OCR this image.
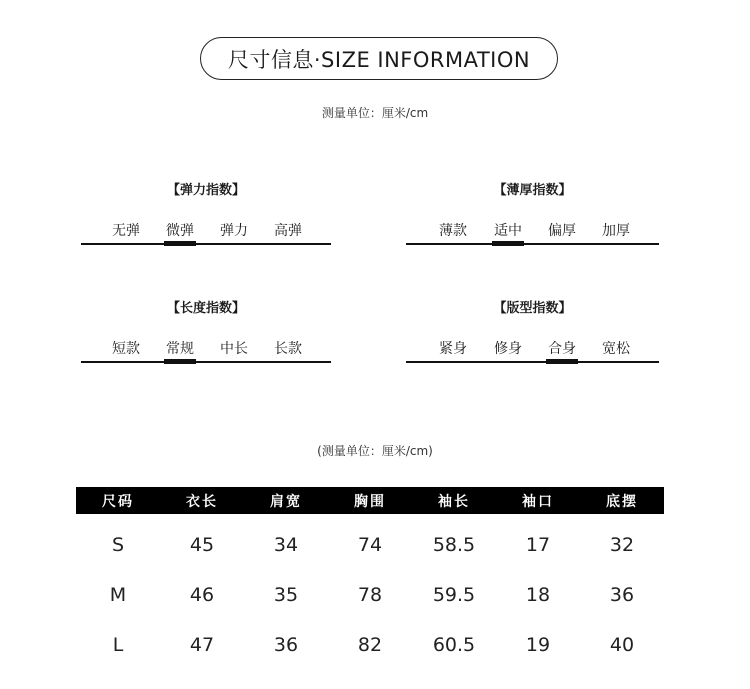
尺寸信息·SIZE INFORMATION
测量单位：厘米/cm
【弹力指数】
无弹	微弹	弹力	高弹
【薄厚指数】
薄款	适中	偏厚	加厚
【长度指数】
短款	常规	中长	长款
【版型指数】
紧身	修身	合身	宽松
(测量单位：厘米/cm)
尺码	衣长	肩宽	胸围	袖长	袖口	底摆
S	45	34	74	58.5	17	32
M	46	35	78	59.5	18	36
L	47	36	82	60.5	19	40
